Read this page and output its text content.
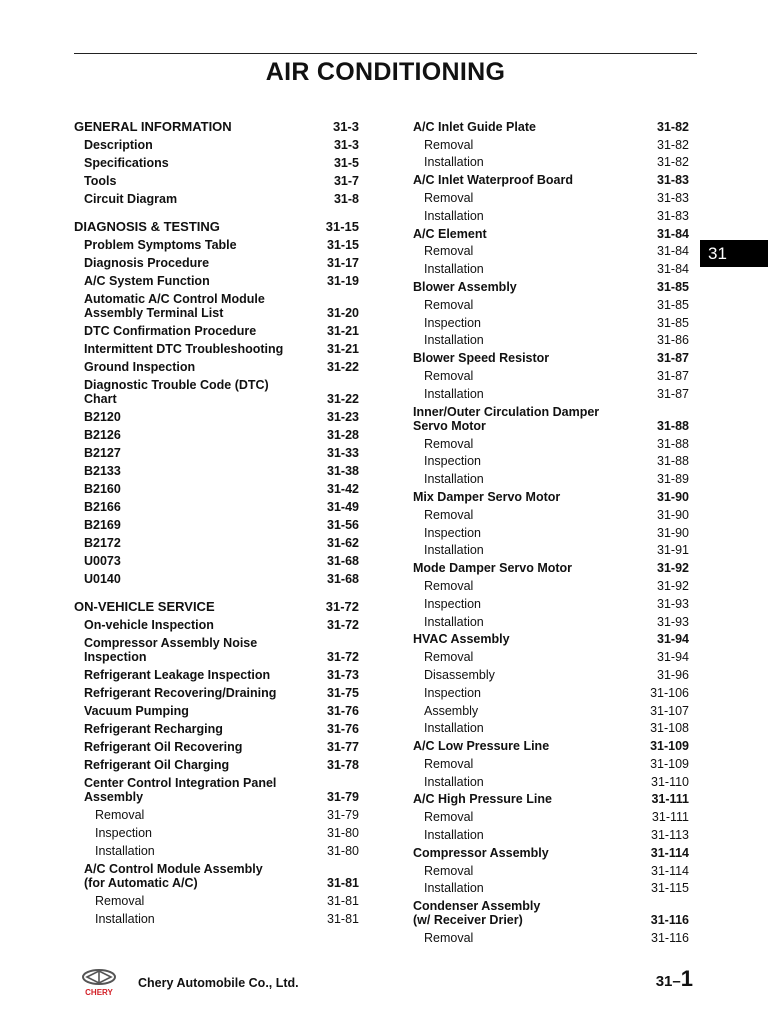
AIR CONDITIONING
GENERAL INFORMATION	31-3
Description	31-3
Specifications	31-5
Tools	31-7
Circuit Diagram	31-8
DIAGNOSIS & TESTING	31-15
Problem Symptoms Table	31-15
Diagnosis Procedure	31-17
A/C System Function	31-19
Automatic A/C Control Module
Assembly Terminal List	31-20
DTC Confirmation Procedure	31-21
Intermittent DTC Troubleshooting	31-21
Ground Inspection	31-22
Diagnostic Trouble Code (DTC)
Chart	31-22
B2120	31-23
B2126	31-28
B2127	31-33
B2133	31-38
B2160	31-42
B2166	31-49
B2169	31-56
B2172	31-62
U0073	31-68
U0140	31-68
ON-VEHICLE SERVICE	31-72
On-vehicle Inspection	31-72
Compressor Assembly Noise
Inspection	31-72
Refrigerant Leakage Inspection	31-73
Refrigerant Recovering/Draining	31-75
Vacuum Pumping	31-76
Refrigerant Recharging	31-76
Refrigerant Oil Recovering	31-77
Refrigerant Oil Charging	31-78
Center Control Integration Panel
Assembly	31-79
Removal	31-79
Inspection	31-80
Installation	31-80
A/C Control Module Assembly
(for Automatic A/C)	31-81
Removal	31-81
Installation	31-81
A/C Inlet Guide Plate	31-82
Removal	31-82
Installation	31-82
A/C Inlet Waterproof Board	31-83
Removal	31-83
Installation	31-83
A/C Element	31-84
Removal	31-84
Installation	31-84
Blower Assembly	31-85
Removal	31-85
Inspection	31-85
Installation	31-86
Blower Speed Resistor	31-87
Removal	31-87
Installation	31-87
Inner/Outer Circulation Damper
Servo Motor	31-88
Removal	31-88
Inspection	31-88
Installation	31-89
Mix Damper Servo Motor	31-90
Removal	31-90
Inspection	31-90
Installation	31-91
Mode Damper Servo Motor	31-92
Removal	31-92
Inspection	31-93
Installation	31-93
HVAC Assembly	31-94
Removal	31-94
Disassembly	31-96
Inspection	31-106
Assembly	31-107
Installation	31-108
A/C Low Pressure Line	31-109
Removal	31-109
Installation	31-110
A/C High Pressure Line	31-111
Removal	31-111
Installation	31-113
Compressor Assembly	31-114
Removal	31-114
Installation	31-115
Condenser Assembly
(w/ Receiver Drier)	31-116
Removal	31-116
31
CHERY
Chery Automobile Co., Ltd.	31–1
